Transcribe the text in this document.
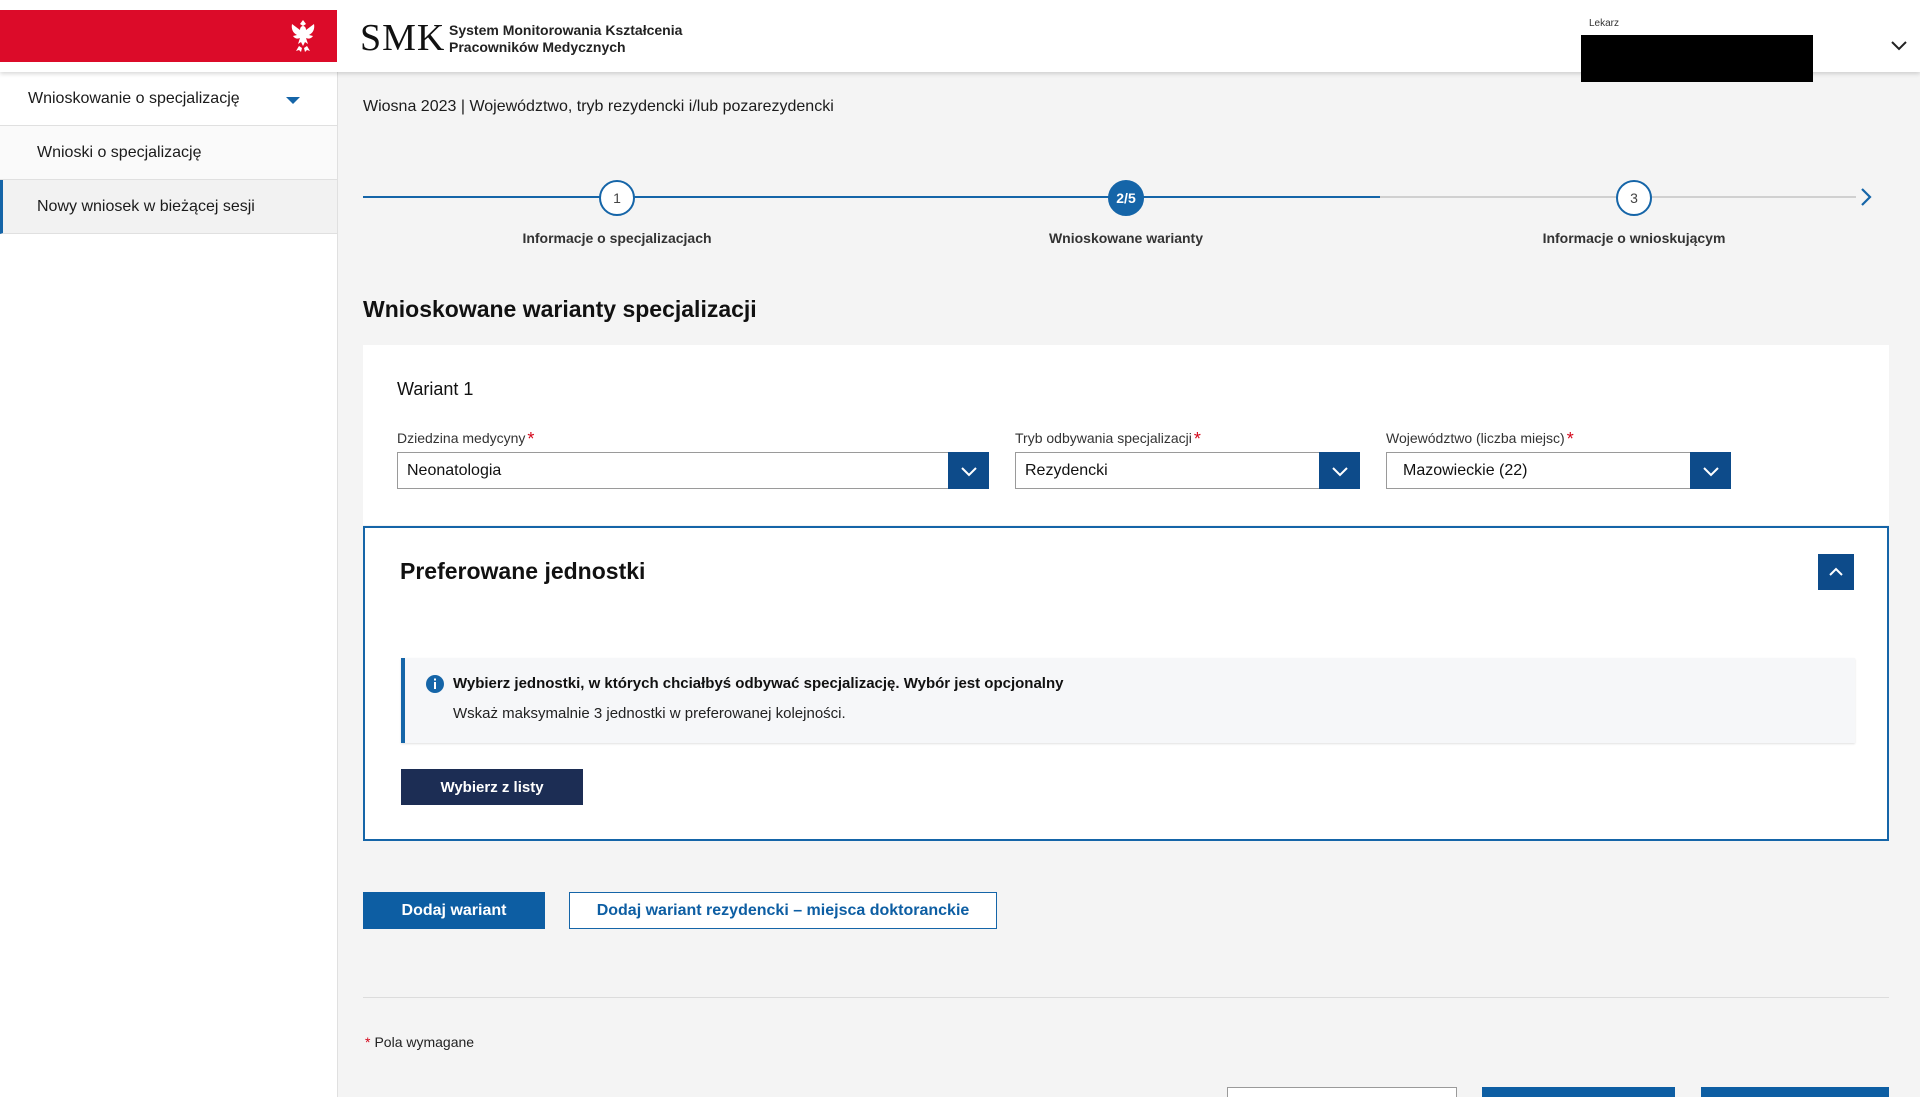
SMK System Monitorowania Kształcenia
Pracowników Medycznych
Lekarz
Wnioskowanie o specjalizację
Wnioski o specjalizację
Nowy wniosek w bieżącej sesji
Wiosna 2023 | Województwo, tryb rezydencki i/lub pozarezydencki
1
Informacje o specjalizacjach
2/5
Wnioskowane warianty
3
Informacje o wnioskującym
Wnioskowane warianty specjalizacji
Wariant 1
Dziedzina medycyny *
Neonatologia
Tryb odbywania specjalizacji *
Rezydencki
Województwo (liczba miejsc) *
Mazowieckie (22)
Preferowane jednostki
Wybierz jednostki, w których chciałbyś odbywać specjalizację. Wybór jest opcjonalny
Wskaż maksymalnie 3 jednostki w preferowanej kolejności.
Wybierz z listy
Dodaj wariant	Dodaj wariant rezydencki – miejsca doktoranckie
* Pola wymagane
